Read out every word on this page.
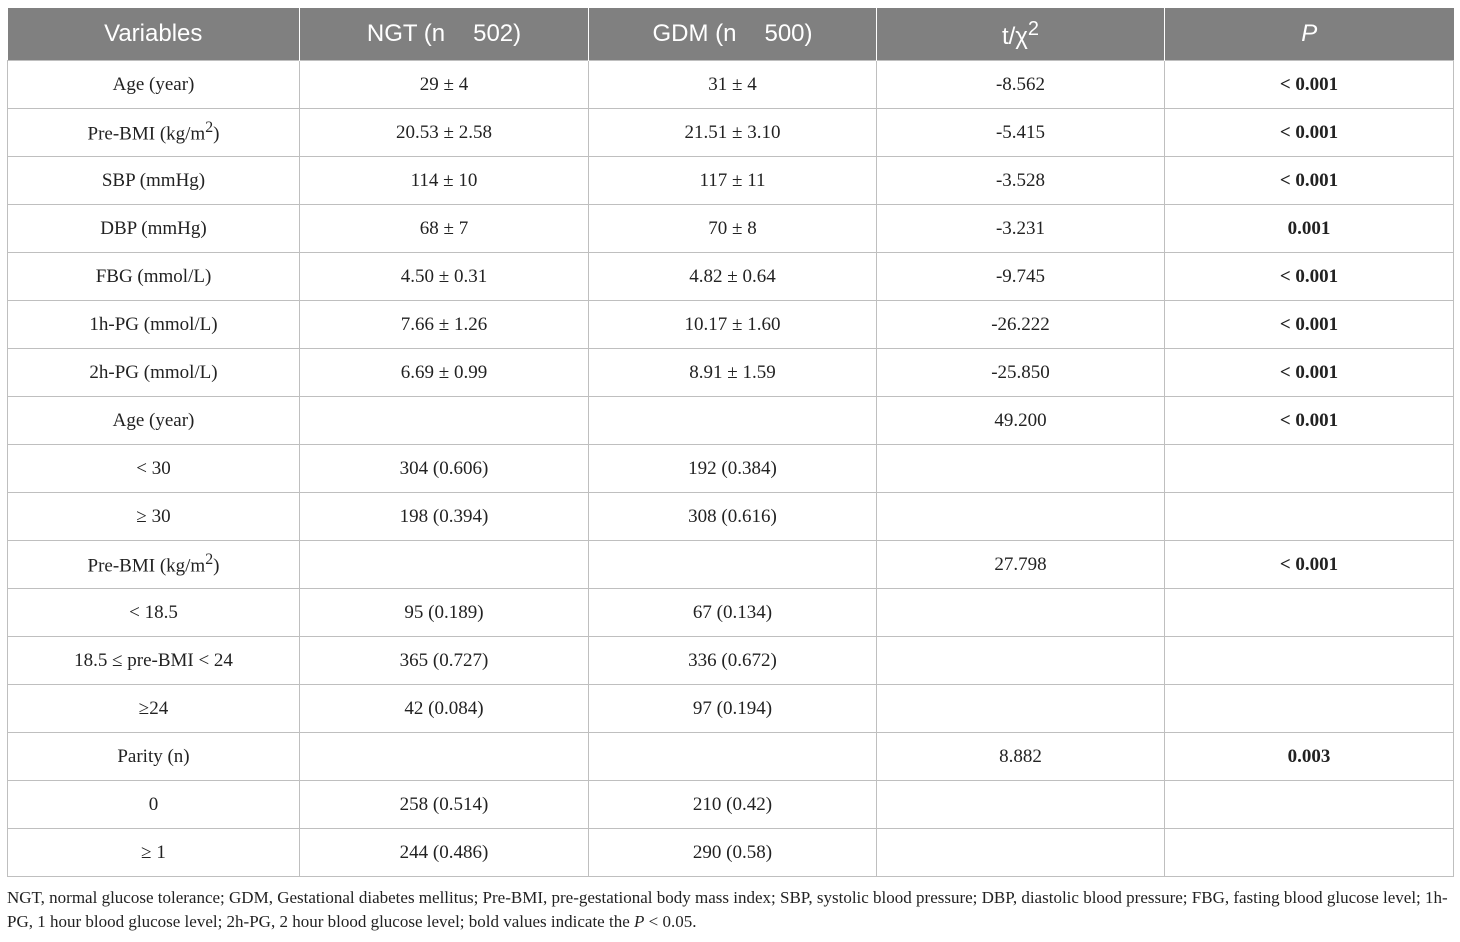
Variables	NGT (n 502)	GDM (n 500)	$t/\chi^2$	P
Age (year)	29 ± 4	31 ± 4	-8.562	< 0.001
Pre-BMI $(kg/m^2)$	20.53 ± 2.58	21.51 ± 3.10	-5.415	< 0.001
SBP (mmHg)	114 ± 10	117 ± 11	-3.528	< 0.001
DBP (mmHg)	68 ± 7	70 ± 8	-3.231	0.001
FBG (mmol/L)	4.50 ± 0.31	4.82 ± 0.64	-9.745	< 0.001
1h-PG (mmol/L)	7.66 ± 1.26	10.17 ± 1.60	-26.222	< 0.001
2h-PG (mmol/L)	6.69 ± 0.99	8.91 ± 1.59	-25.850	< 0.001
Age (year)			49.200	< 0.001
< 30	304 (0.606)	192 (0.384)		
≥ 30	198 (0.394)	308 (0.616)		
Pre-BMI $(kg/m^2)$			27.798	< 0.001
< 18.5	95 (0.189)	67 (0.134)		
18.5 ≤ pre-BMI < 24	365 (0.727)	336 (0.672)		
≥24	42 (0.084)	97 (0.194)		
Parity (n)			8.882	0.003
0	258 (0.514)	210 (0.42)		
≥ 1	244 (0.486)	290 (0.58)		
NGT, normal glucose tolerance; GDM, Gestational diabetes mellitus; Pre-BMI, pre-gestational body mass index; SBP, systolic blood pressure; DBP, diastolic blood pressure; FBG, fasting blood glucose level; 1h-PG, 1 hour blood glucose level; 2h-PG, 2 hour blood glucose level; bold values indicate the P < 0.05.
